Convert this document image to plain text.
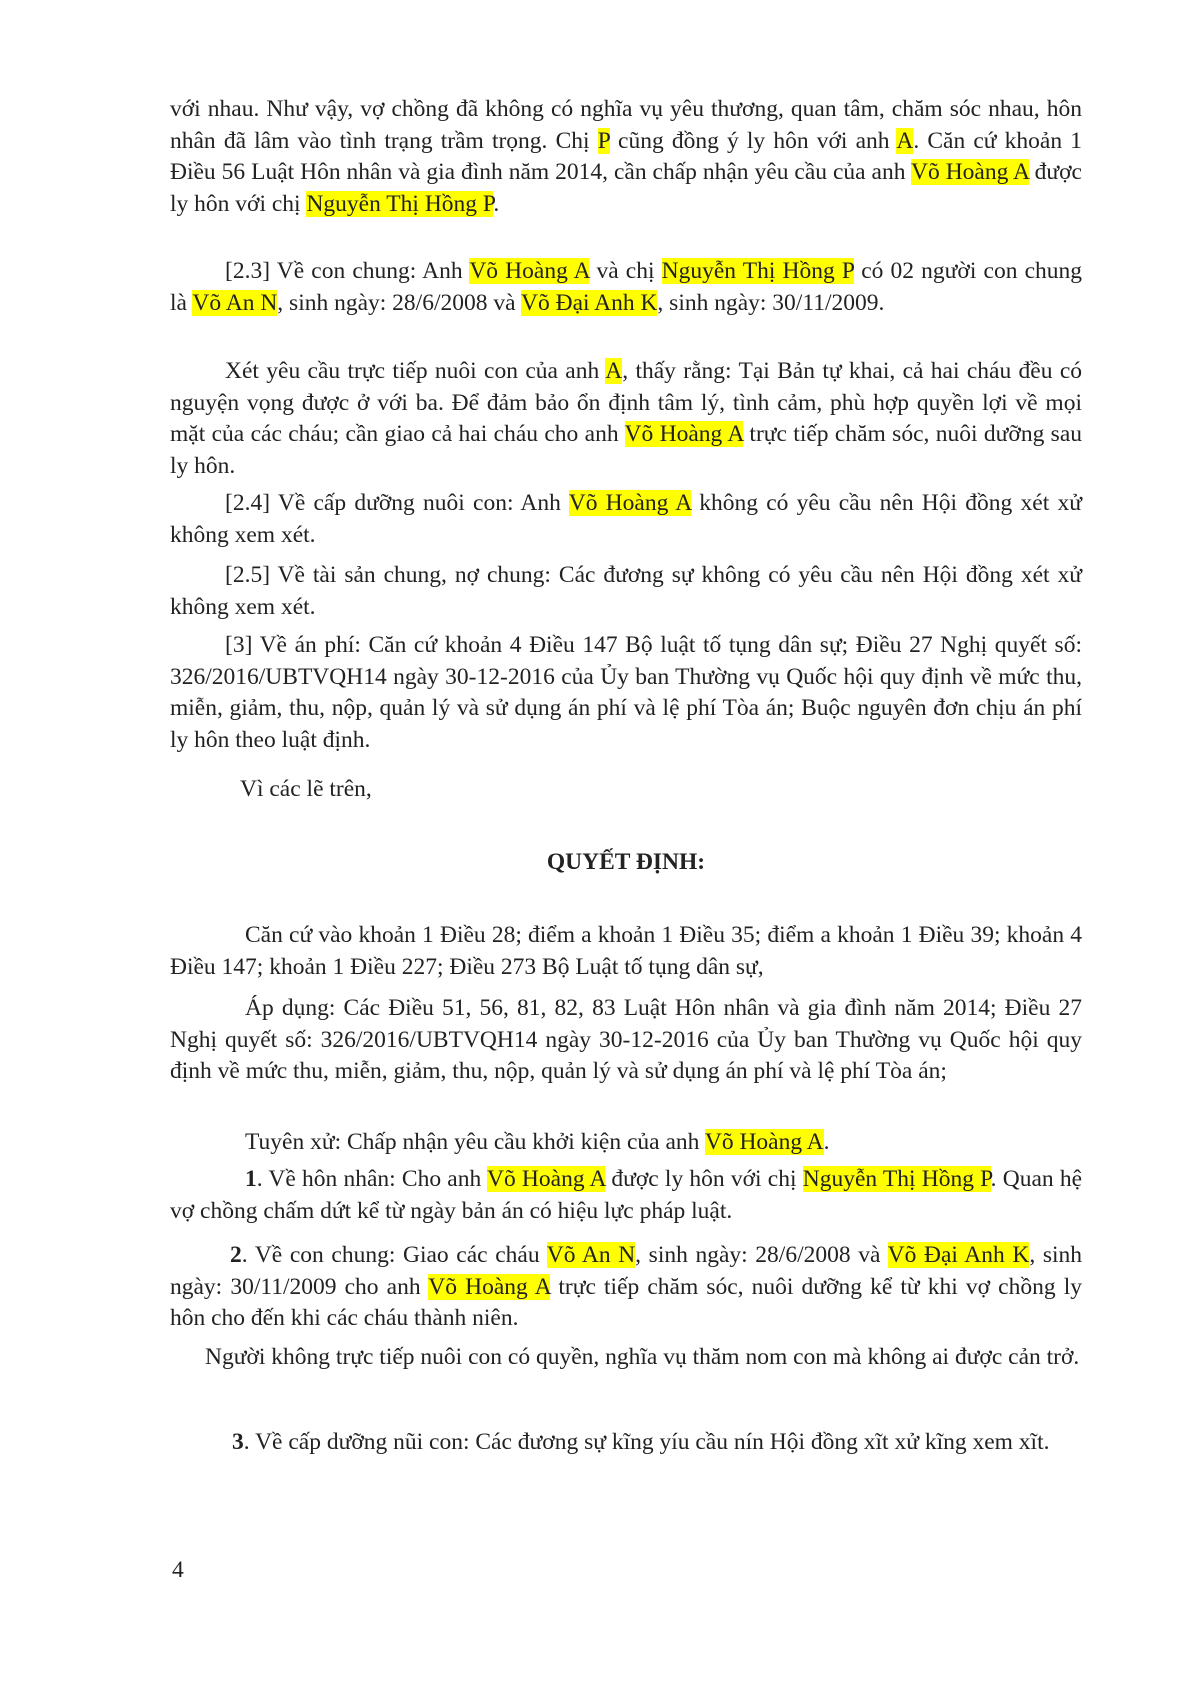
với nhau. Như vậy, vợ chồng đã không có nghĩa vụ yêu thương, quan tâm, chăm sóc nhau, hôn nhân đã lâm vào tình trạng trầm trọng. Chị P cũng đồng ý ly hôn với anh A. Căn cứ khoản 1 Điều 56 Luật Hôn nhân và gia đình năm 2014, cần chấp nhận yêu cầu của anh Võ Hoàng A được ly hôn với chị Nguyễn Thị Hồng P.

[2.3] Về con chung: Anh Võ Hoàng A và chị Nguyễn Thị Hồng P có 02 người con chung là Võ An N, sinh ngày: 28/6/2008 và Võ Đại Anh K, sinh ngày: 30/11/2009.

Xét yêu cầu trực tiếp nuôi con của anh A, thấy rằng: Tại Bản tự khai, cả hai cháu đều có nguyện vọng được ở với ba. Để đảm bảo ổn định tâm lý, tình cảm, phù hợp quyền lợi về mọi mặt của các cháu; cần giao cả hai cháu cho anh Võ Hoàng A trực tiếp chăm sóc, nuôi dưỡng sau ly hôn.

[2.4] Về cấp dưỡng nuôi con: Anh Võ Hoàng A không có yêu cầu nên Hội đồng xét xử không xem xét.

[2.5] Về tài sản chung, nợ chung: Các đương sự không có yêu cầu nên Hội đồng xét xử không xem xét.

[3] Về án phí: Căn cứ khoản 4 Điều 147 Bộ luật tố tụng dân sự; Điều 27 Nghị quyết số: 326/2016/UBTVQH14 ngày 30-12-2016 của Ủy ban Thường vụ Quốc hội quy định về mức thu, miễn, giảm, thu, nộp, quản lý và sử dụng án phí và lệ phí Tòa án; Buộc nguyên đơn chịu án phí ly hôn theo luật định.

Vì các lẽ trên,

QUYẾT ĐỊNH:

Căn cứ vào khoản 1 Điều 28; điểm a khoản 1 Điều 35; điểm a khoản 1 Điều 39; khoản 4 Điều 147; khoản 1 Điều 227; Điều 273 Bộ Luật tố tụng dân sự,

Áp dụng: Các Điều 51, 56, 81, 82, 83 Luật Hôn nhân và gia đình năm 2014; Điều 27 Nghị quyết số: 326/2016/UBTVQH14 ngày 30-12-2016 của Ủy ban Thường vụ Quốc hội quy định về mức thu, miễn, giảm, thu, nộp, quản lý và sử dụng án phí và lệ phí Tòa án;

Tuyên xử: Chấp nhận yêu cầu khởi kiện của anh Võ Hoàng A.

1. Về hôn nhân: Cho anh Võ Hoàng A được ly hôn với chị Nguyễn Thị Hồng P. Quan hệ vợ chồng chấm dứt kể từ ngày bản án có hiệu lực pháp luật.

2. Về con chung: Giao các cháu Võ An N, sinh ngày: 28/6/2008 và Võ Đại Anh K, sinh ngày: 30/11/2009 cho anh Võ Hoàng A trực tiếp chăm sóc, nuôi dưỡng kể từ khi vợ chồng ly hôn cho đến khi các cháu thành niên.

Người không trực tiếp nuôi con có quyền, nghĩa vụ thăm nom con mà không ai được cản trở.

3. Về cấp dưỡng nũi con: Các đương sự kĩng yíu cầu nín Hội đồng xĩt xử kĩng xem xĩt.

4
